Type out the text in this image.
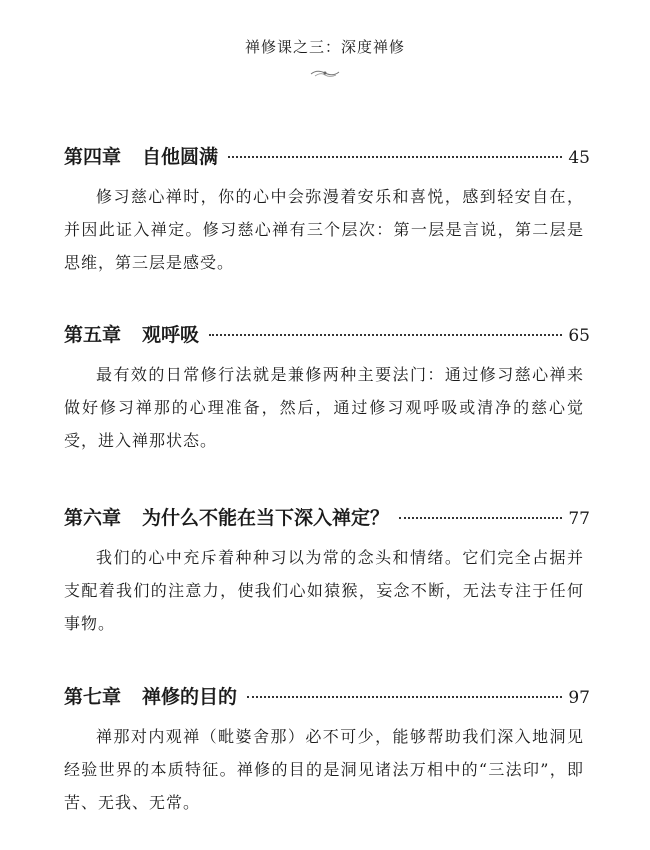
禅修课之三：深度禅修
第四章	自他圆满	45
修习慈心禅时，你的心中会弥漫着安乐和喜悦，感到轻安自在，并因此证入禅定。修习慈心禅有三个层次：第一层是言说，第二层是思维，第三层是感受。
第五章	观呼吸	65
最有效的日常修行法就是兼修两种主要法门：通过修习慈心禅来做好修习禅那的心理准备，然后，通过修习观呼吸或清净的慈心觉受，进入禅那状态。
第六章	为什么不能在当下深入禅定？	77
我们的心中充斥着种种习以为常的念头和情绪。它们完全占据并支配着我们的注意力，使我们心如猿猴，妄念不断，无法专注于任何事物。
第七章	禅修的目的	97
禅那对内观禅（毗婆舍那）必不可少，能够帮助我们深入地洞见经验世界的本质特征。禅修的目的是洞见诸法万相中的“三法印”，即苦、无我、无常。
